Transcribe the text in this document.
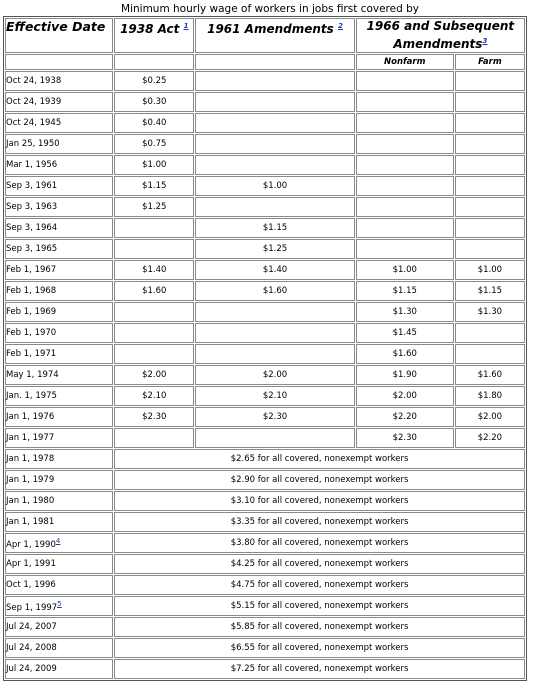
Minimum hourly wage of workers in jobs first covered by
Effective Date	1938 Act $^1$	1961 Amendments $^2$	1966 and Subsequent Amendments$^3$
			Nonfarm	Farm
Oct 24, 1938	$0.25			
Oct 24, 1939	$0.30			
Oct 24, 1945	$0.40			
Jan 25, 1950	$0.75			
Mar 1, 1956	$1.00			
Sep 3, 1961	$1.15	$1.00		
Sep 3, 1963	$1.25			
Sep 3, 1964		$1.15		
Sep 3, 1965		$1.25		
Feb 1, 1967	$1.40	$1.40	$1.00	$1.00
Feb 1, 1968	$1.60	$1.60	$1.15	$1.15
Feb 1, 1969			$1.30	$1.30
Feb 1, 1970			$1.45	
Feb 1, 1971			$1.60	
May 1, 1974	$2.00	$2.00	$1.90	$1.60
Jan. 1, 1975	$2.10	$2.10	$2.00	$1.80
Jan 1, 1976	$2.30	$2.30	$2.20	$2.00
Jan 1, 1977			$2.30	$2.20
Jan 1, 1978	$2.65 for all covered, nonexempt workers			
Jan 1, 1979	$2.90 for all covered, nonexempt workers			
Jan 1, 1980	$3.10 for all covered, nonexempt workers			
Jan 1, 1981	$3.35 for all covered, nonexempt workers			
Apr 1, 1990$^4$	$3.80 for all covered, nonexempt workers			
Apr 1, 1991	$4.25 for all covered, nonexempt workers			
Oct 1, 1996	$4.75 for all covered, nonexempt workers			
Sep 1, 1997$^5$	$5.15 for all covered, nonexempt workers			
Jul 24, 2007	$5.85 for all covered, nonexempt workers			
Jul 24, 2008	$6.55 for all covered, nonexempt workers			
Jul 24, 2009	$7.25 for all covered, nonexempt workers			
